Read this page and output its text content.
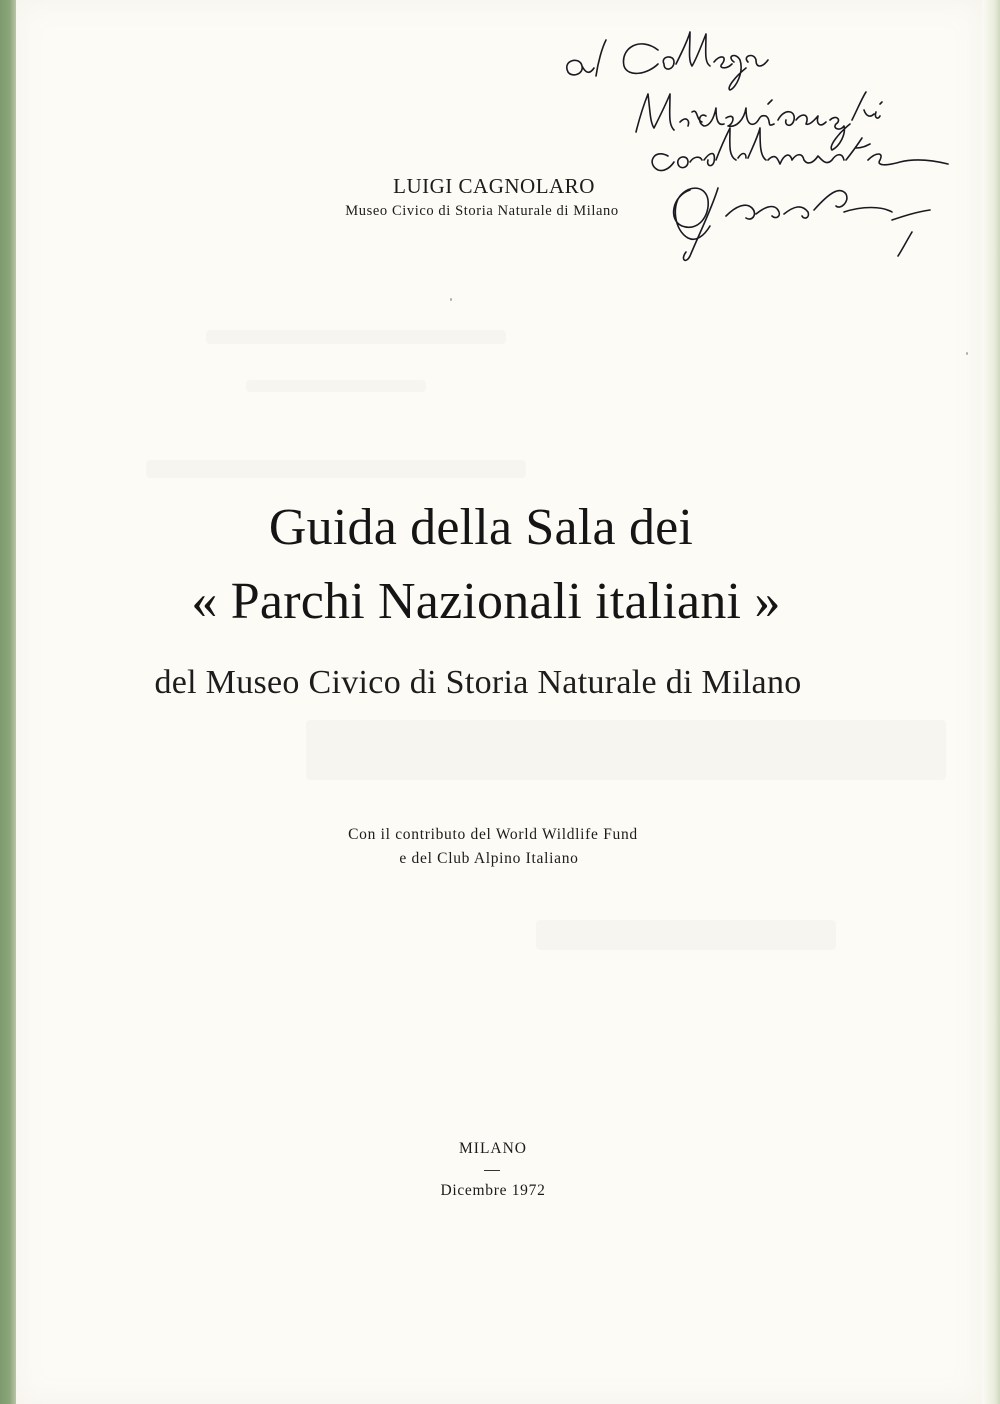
LUIGI CAGNOLARO
Museo Civico di Storia Naturale di Milano
Guida della Sala dei
« Parchi Nazionali italiani »
del Museo Civico di Storia Naturale di Milano
Con il contributo del World Wildlife Fund
e del Club Alpino Italiano
MILANO
Dicembre 1972
